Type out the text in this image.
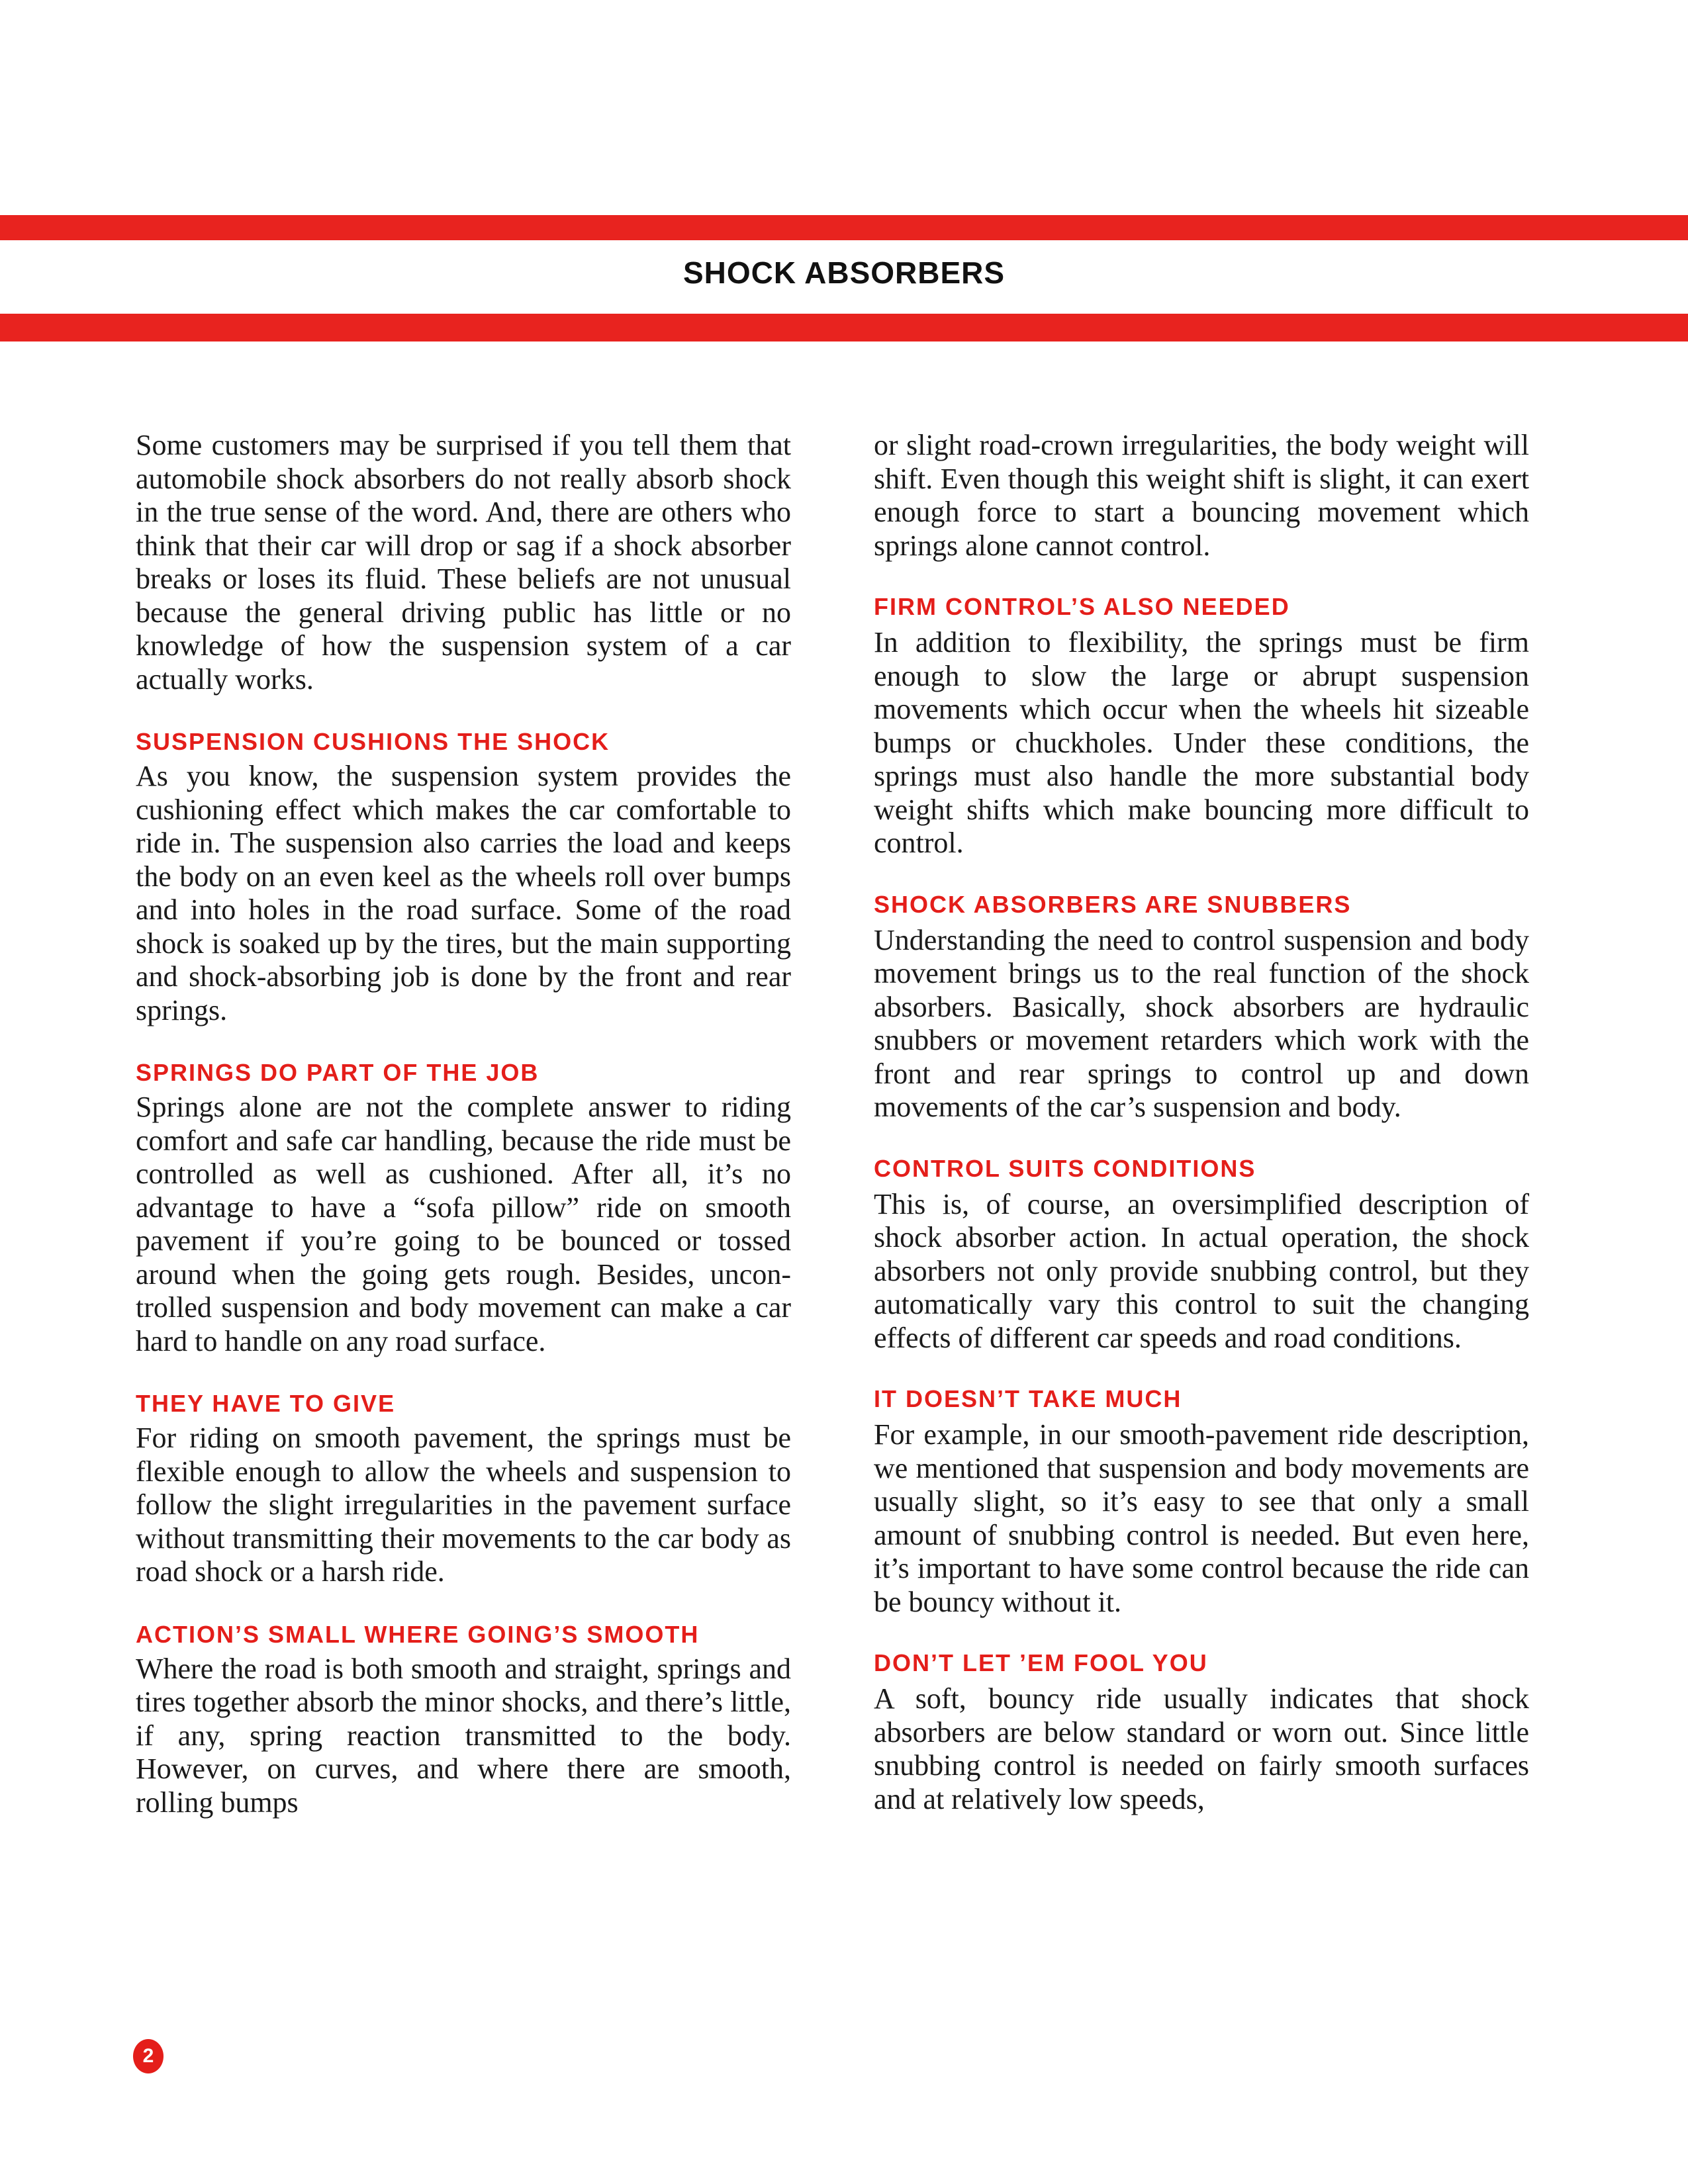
SHOCK ABSORBERS

Some customers may be surprised if you tell them that automobile shock absorbers do not really absorb shock in the true sense of the word. And, there are others who think that their car will drop or sag if a shock absorber breaks or loses its fluid. These beliefs are not unusual because the general driving public has little or no knowledge of how the suspension system of a car actually works.

SUSPENSION CUSHIONS THE SHOCK

As you know, the suspension system provides the cushioning effect which makes the car comfortable to ride in. The suspension also carries the load and keeps the body on an even keel as the wheels roll over bumps and into holes in the road surface. Some of the road shock is soaked up by the tires, but the main supporting and shock-absorbing job is done by the front and rear springs.

SPRINGS DO PART OF THE JOB

Springs alone are not the complete answer to riding comfort and safe car handling, because the ride must be controlled as well as cushioned. After all, it’s no advantage to have a “sofa pillow” ride on smooth pavement if you’re going to be bounced or tossed around when the going gets rough. Besides, uncontrolled suspension and body movement can make a car hard to handle on any road surface.

THEY HAVE TO GIVE

For riding on smooth pavement, the springs must be flexible enough to allow the wheels and suspension to follow the slight irregularities in the pavement surface without transmitting their movements to the car body as road shock or a harsh ride.

ACTION’S SMALL WHERE GOING’S SMOOTH

Where the road is both smooth and straight, springs and tires together absorb the minor shocks, and there’s little, if any, spring reaction transmitted to the body. However, on curves, and where there are smooth, rolling bumps

or slight road-crown irregularities, the body weight will shift. Even though this weight shift is slight, it can exert enough force to start a bouncing movement which springs alone cannot control.

FIRM CONTROL’S ALSO NEEDED

In addition to flexibility, the springs must be firm enough to slow the large or abrupt suspension movements which occur when the wheels hit sizeable bumps or chuckholes. Under these conditions, the springs must also handle the more substantial body weight shifts which make bouncing more difficult to control.

SHOCK ABSORBERS ARE SNUBBERS

Understanding the need to control suspension and body movement brings us to the real function of the shock absorbers. Basically, shock absorbers are hydraulic snubbers or movement retarders which work with the front and rear springs to control up and down movements of the car’s suspension and body.

CONTROL SUITS CONDITIONS

This is, of course, an oversimplified description of shock absorber action. In actual operation, the shock absorbers not only provide snubbing control, but they automatically vary this control to suit the changing effects of different car speeds and road conditions.

IT DOESN’T TAKE MUCH

For example, in our smooth-pavement ride description, we mentioned that suspension and body movements are usually slight, so it’s easy to see that only a small amount of snubbing control is needed. But even here, it’s important to have some control because the ride can be bouncy without it.

DON’T LET ’EM FOOL YOU

A soft, bouncy ride usually indicates that shock absorbers are below standard or worn out. Since little snubbing control is needed on fairly smooth surfaces and at relatively low speeds,

2
